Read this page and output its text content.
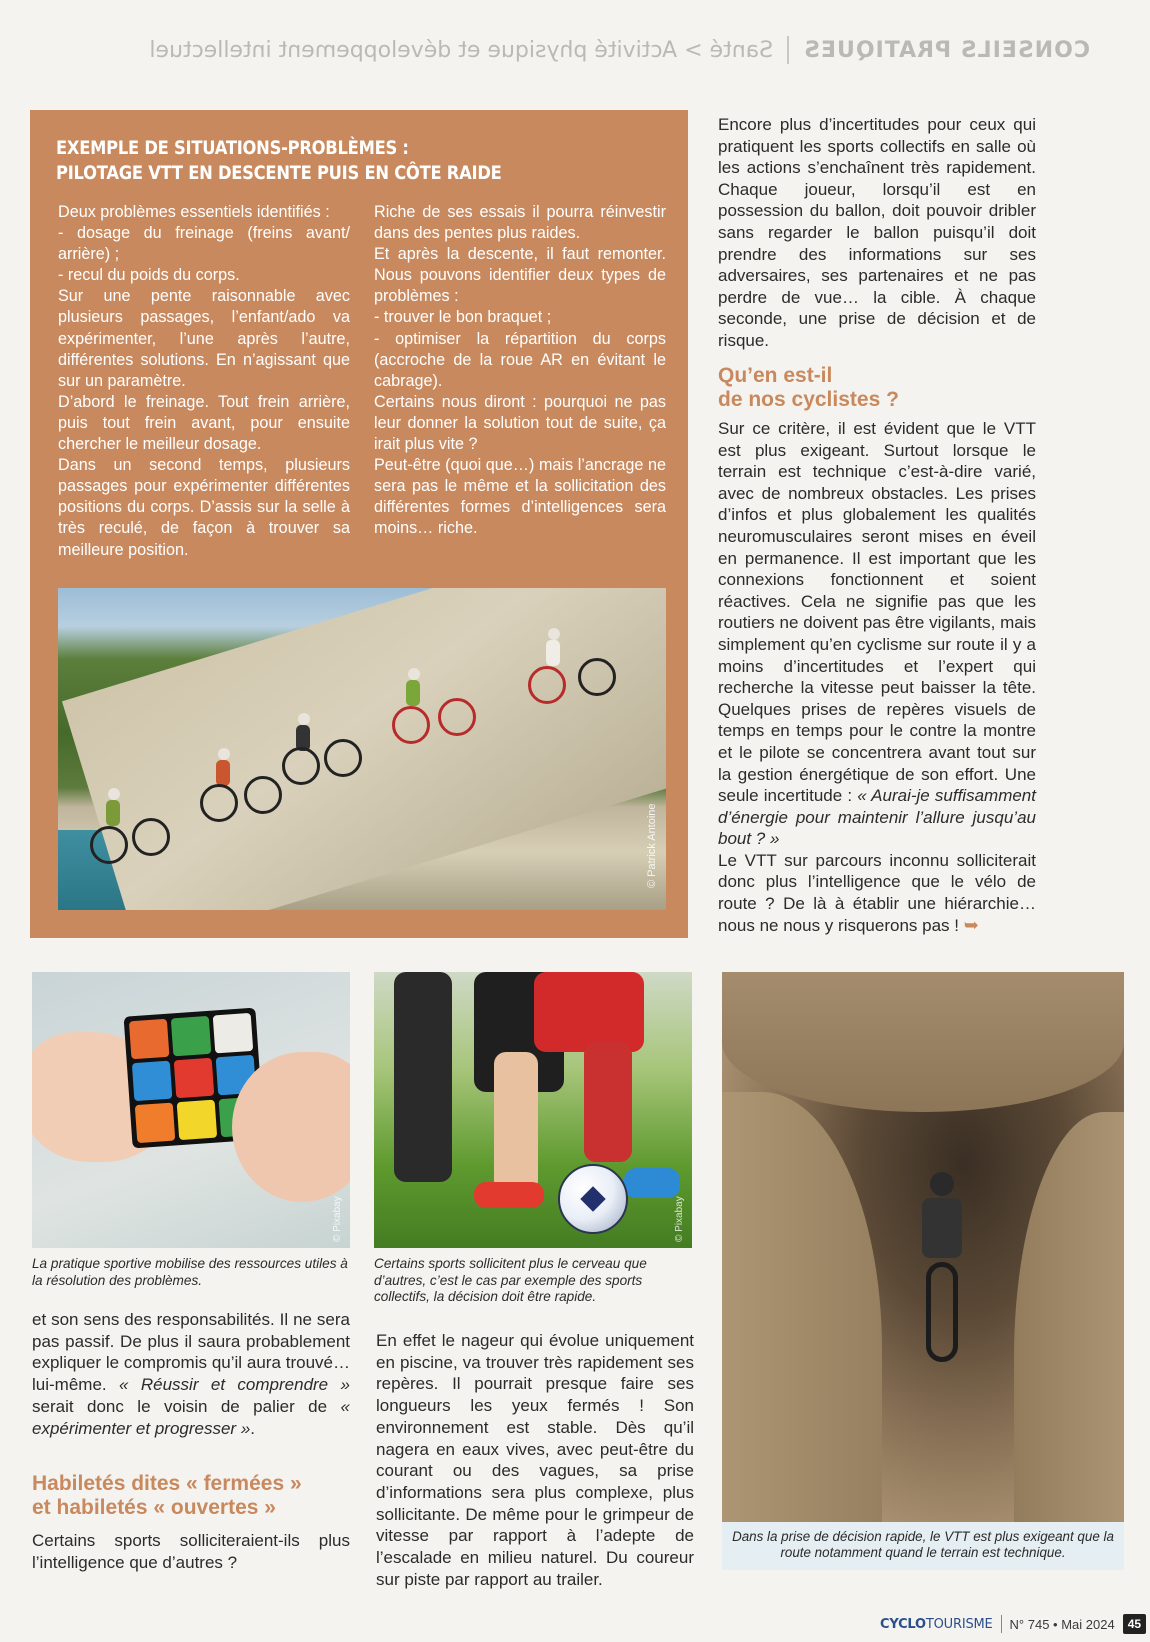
CONSEILS PRATIQUES
Santé > Activité physique et développement intellectuel
EXEMPLE DE SITUATIONS-PROBLÈMES :
PILOTAGE VTT EN DESCENTE PUIS EN CÔTE RAIDE

Deux problèmes essentiels identifiés :

- dosage du freinage (freins avant/ arrière) ;

- recul du poids du corps.

Sur une pente raisonnable avec plusieurs passages, l’enfant/ado va expérimenter, l’une après l’autre, différentes solutions. En n’agissant que sur un paramètre.

D’abord le freinage. Tout frein arrière, puis tout frein avant, pour ensuite chercher le meilleur dosage.

Dans un second temps, plusieurs passages pour expérimenter différentes positions du corps. D’assis sur la selle à très reculé, de façon à trouver sa meilleure position.

Riche de ses essais il pourra réinvestir dans des pentes plus raides.

Et après la descente, il faut remonter. Nous pouvons identifier deux types de problèmes :

- trouver le bon braquet ;

- optimiser la répartition du corps (accroche de la roue AR en évitant le cabrage).

Certains nous diront : pourquoi ne pas leur donner la solution tout de suite, ça irait plus vite ?

Peut-être (quoi que…) mais l’ancrage ne sera pas le même et la sollicitation des différentes formes d’intelligences sera moins… riche.

© Patrick Antoine

Encore plus d’incertitudes pour ceux qui pratiquent les sports collectifs en salle où les actions s’enchaînent très rapidement. Chaque joueur, lorsqu’il est en possession du ballon, doit pouvoir dribler sans regarder le ballon puisqu’il doit prendre des informations sur ses adversaires, ses partenaires et ne pas perdre de vue… la cible. À chaque seconde, une prise de décision et de risque.

Qu’en est-il
de nos cyclistes ?

Sur ce critère, il est évident que le VTT est plus exigeant. Surtout lorsque le terrain est technique c’est-à-dire varié, avec de nombreux obstacles. Les prises d’infos et plus globalement les qualités neuromusculaires seront mises en éveil en permanence. Il est important que les connexions fonctionnent et soient réactives. Cela ne signifie pas que les routiers ne doivent pas être vigilants, mais simplement qu’en cyclisme sur route il y a moins d’incertitudes et l’expert qui recherche la vitesse peut baisser la tête. Quelques prises de repères visuels de temps en temps pour le contre la montre et le pilote se concentrera avant tout sur la gestion énergétique de son effort. Une seule incertitude : « Aurai-je suffisamment d’énergie pour maintenir l’allure jusqu’au bout ? »

Le VTT sur parcours inconnu solliciterait donc plus l’intelligence que le vélo de route ? De là à établir une hiérarchie… nous ne nous y risquerons pas ! ➥

© Pixabay
La pratique sportive mobilise des ressources utiles à la résolution des problèmes.
© Pixabay
Certains sports sollicitent plus le cerveau que d’autres, c’est le cas par exemple des sports collectifs, la décision doit être rapide.
Dans la prise de décision rapide, le VTT est plus exigeant que la route notamment quand le terrain est technique.

et son sens des responsabilités. Il ne sera pas passif. De plus il saura probablement expliquer le compromis qu’il aura trouvé… lui-même. « Réussir et comprendre » serait donc le voisin de palier de « expérimenter et progresser ».

Habiletés dites « fermées »
et habiletés « ouvertes »

Certains sports solliciteraient-ils plus l’intelligence que d’autres ?

En effet le nageur qui évolue uniquement en piscine, va trouver très rapidement ses repères. Il pourrait presque faire ses longueurs les yeux fermés ! Son environnement est stable. Dès qu’il nagera en eaux vives, avec peut-être du courant ou des vagues, sa prise d’informations sera plus complexe, plus sollicitante. De même pour le grimpeur de vitesse par rapport à l’adepte de l’escalade en milieu naturel. Du coureur sur piste par rapport au trailer.

CYCLOTOURISME N° 745 • Mai 2024	45
